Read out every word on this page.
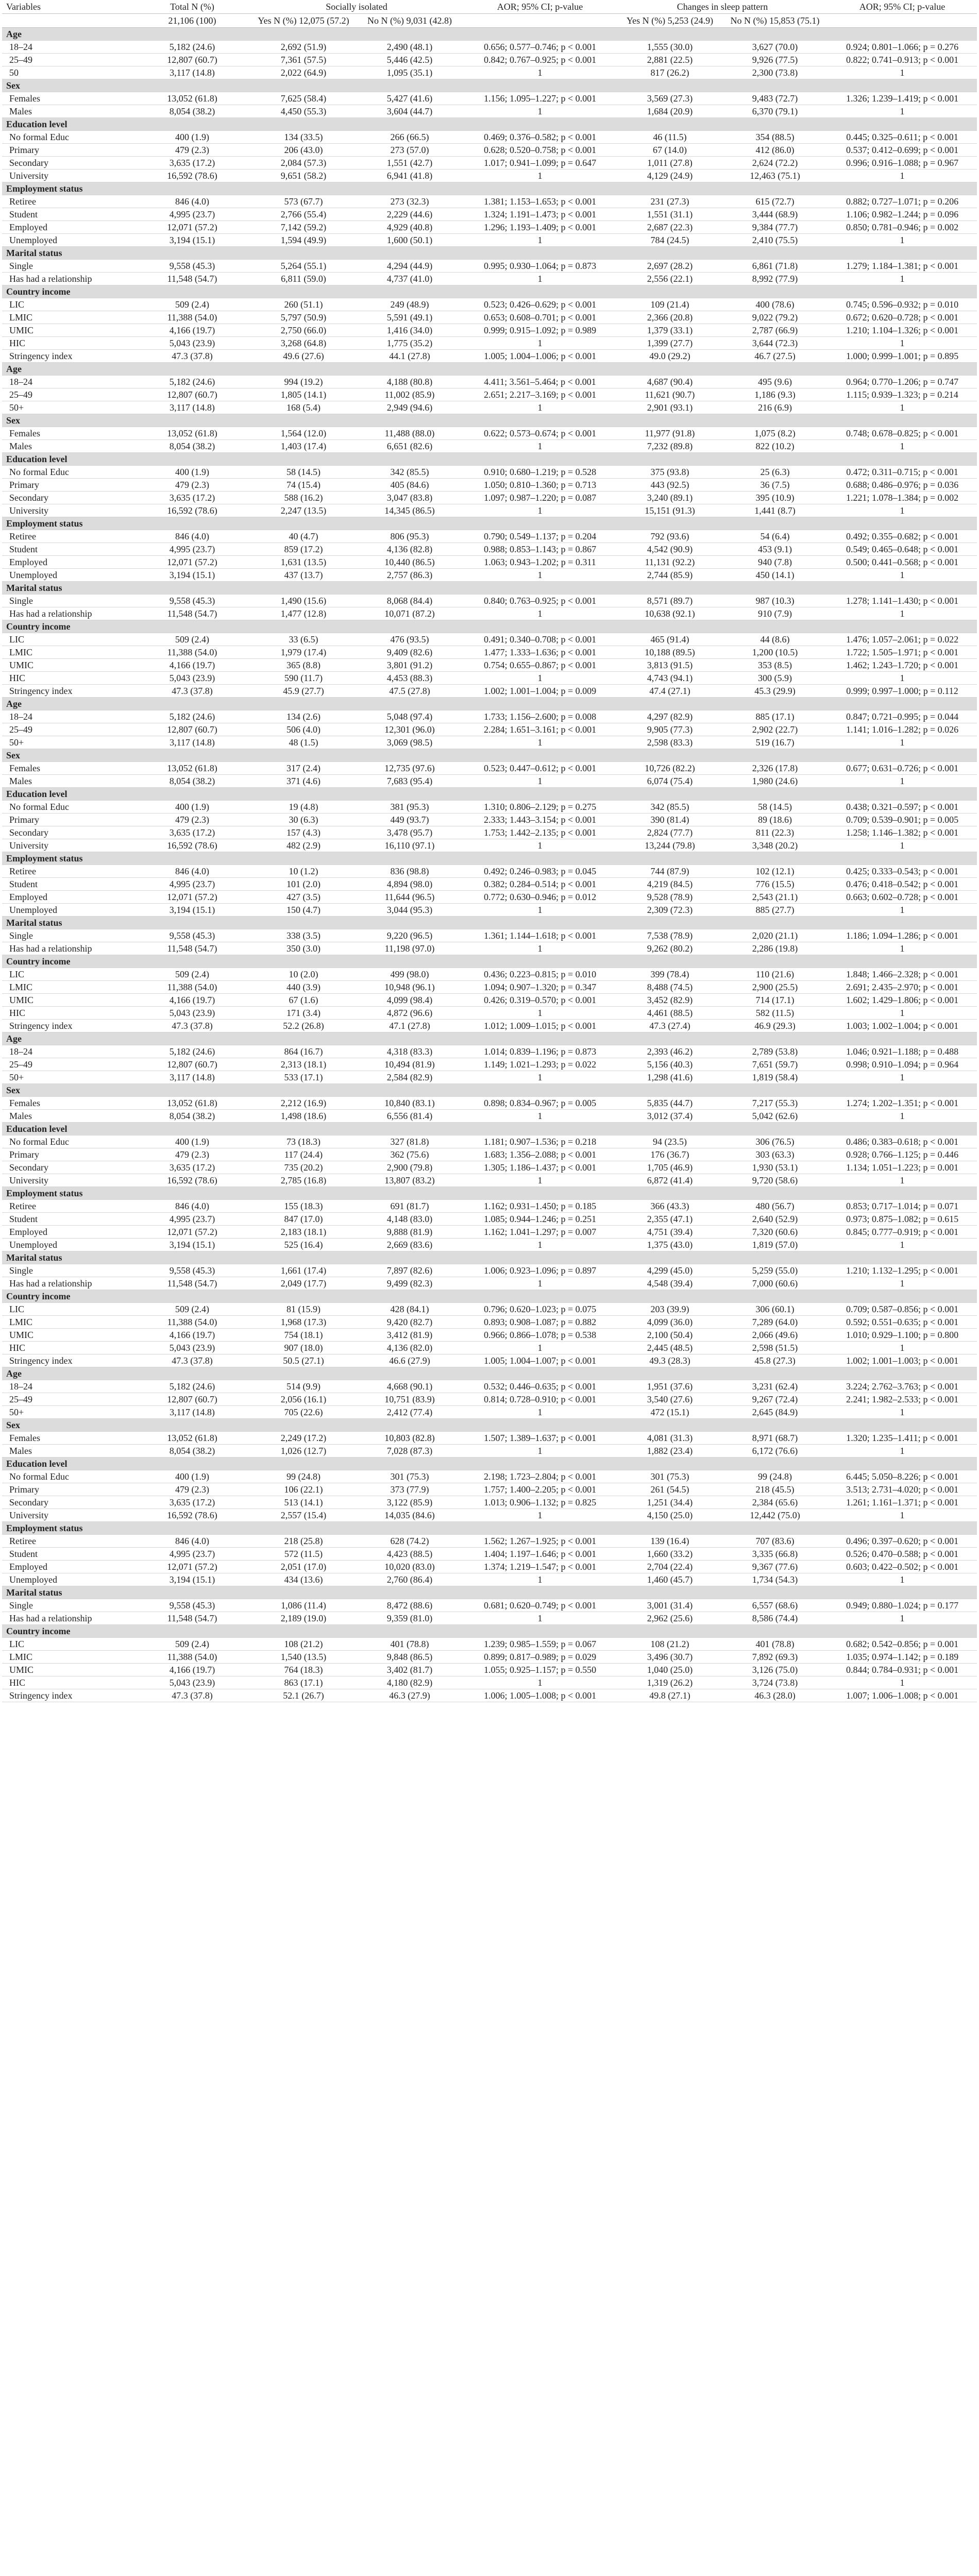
Variables	Total N (%)	Socially isolated		AOR; 95% CI; p-value	Changes in sleep pattern		AOR; 95% CI; p-value
	21,106 (100)	Yes N (%) 12,075 (57.2)	No N (%) 9,031 (42.8)		Yes N (%) 5,253 (24.9)	No N (%) 15,853 (75.1)	
Age							
18–24	5,182 (24.6)	2,692 (51.9)	2,490 (48.1)	0.656; 0.577–0.746; p < 0.001	1,555 (30.0)	3,627 (70.0)	0.924; 0.801–1.066; p = 0.276
25–49	12,807 (60.7)	7,361 (57.5)	5,446 (42.5)	0.842; 0.767–0.925; p < 0.001	2,881 (22.5)	9,926 (77.5)	0.822; 0.741–0.913; p < 0.001
50	3,117 (14.8)	2,022 (64.9)	1,095 (35.1)	1	817 (26.2)	2,300 (73.8)	1
Sex							
Females	13,052 (61.8)	7,625 (58.4)	5,427 (41.6)	1.156; 1.095–1.227; p < 0.001	3,569 (27.3)	9,483 (72.7)	1.326; 1.239–1.419; p < 0.001
Males	8,054 (38.2)	4,450 (55.3)	3,604 (44.7)	1	1,684 (20.9)	6,370 (79.1)	1
Education level							
No formal Educ	400 (1.9)	134 (33.5)	266 (66.5)	0.469; 0.376–0.582; p < 0.001	46 (11.5)	354 (88.5)	0.445; 0.325–0.611; p < 0.001
Primary	479 (2.3)	206 (43.0)	273 (57.0)	0.628; 0.520–0.758; p < 0.001	67 (14.0)	412 (86.0)	0.537; 0.412–0.699; p < 0.001
Secondary	3,635 (17.2)	2,084 (57.3)	1,551 (42.7)	1.017; 0.941–1.099; p = 0.647	1,011 (27.8)	2,624 (72.2)	0.996; 0.916–1.088; p = 0.967
University	16,592 (78.6)	9,651 (58.2)	6,941 (41.8)	1	4,129 (24.9)	12,463 (75.1)	1
Employment status							
Retiree	846 (4.0)	573 (67.7)	273 (32.3)	1.381; 1.153–1.653; p < 0.001	231 (27.3)	615 (72.7)	0.882; 0.727–1.071; p = 0.206
Student	4,995 (23.7)	2,766 (55.4)	2,229 (44.6)	1.324; 1.191–1.473; p < 0.001	1,551 (31.1)	3,444 (68.9)	1.106; 0.982–1.244; p = 0.096
Employed	12,071 (57.2)	7,142 (59.2)	4,929 (40.8)	1.296; 1.193–1.409; p < 0.001	2,687 (22.3)	9,384 (77.7)	0.850; 0.781–0.946; p = 0.002
Unemployed	3,194 (15.1)	1,594 (49.9)	1,600 (50.1)	1	784 (24.5)	2,410 (75.5)	1
Marital status							
Single	9,558 (45.3)	5,264 (55.1)	4,294 (44.9)	0.995; 0.930–1.064; p = 0.873	2,697 (28.2)	6,861 (71.8)	1.279; 1.184–1.381; p < 0.001
Has had a relationship	11,548 (54.7)	6,811 (59.0)	4,737 (41.0)	1	2,556 (22.1)	8,992 (77.9)	1
Country income							
LIC	509 (2.4)	260 (51.1)	249 (48.9)	0.523; 0.426–0.629; p < 0.001	109 (21.4)	400 (78.6)	0.745; 0.596–0.932; p = 0.010
LMIC	11,388 (54.0)	5,797 (50.9)	5,591 (49.1)	0.653; 0.608–0.701; p < 0.001	2,366 (20.8)	9,022 (79.2)	0.672; 0.620–0.728; p < 0.001
UMIC	4,166 (19.7)	2,750 (66.0)	1,416 (34.0)	0.999; 0.915–1.092; p = 0.989	1,379 (33.1)	2,787 (66.9)	1.210; 1.104–1.326; p < 0.001
HIC	5,043 (23.9)	3,268 (64.8)	1,775 (35.2)	1	1,399 (27.7)	3,644 (72.3)	1
Stringency index	47.3 (37.8)	49.6 (27.6)	44.1 (27.8)	1.005; 1.004–1.006; p < 0.001	49.0 (29.2)	46.7 (27.5)	1.000; 0.999–1.001; p = 0.895
Age							
18–24	5,182 (24.6)	994 (19.2)	4,188 (80.8)	4.411; 3.561–5.464; p < 0.001	4,687 (90.4)	495 (9.6)	0.964; 0.770–1.206; p = 0.747
25–49	12,807 (60.7)	1,805 (14.1)	11,002 (85.9)	2.651; 2.217–3.169; p < 0.001	11,621 (90.7)	1,186 (9.3)	1.115; 0.939–1.323; p = 0.214
50+	3,117 (14.8)	168 (5.4)	2,949 (94.6)	1	2,901 (93.1)	216 (6.9)	1
Sex							
Females	13,052 (61.8)	1,564 (12.0)	11,488 (88.0)	0.622; 0.573–0.674; p < 0.001	11,977 (91.8)	1,075 (8.2)	0.748; 0.678–0.825; p < 0.001
Males	8,054 (38.2)	1,403 (17.4)	6,651 (82.6)	1	7,232 (89.8)	822 (10.2)	1
Education level							
No formal Educ	400 (1.9)	58 (14.5)	342 (85.5)	0.910; 0.680–1.219; p = 0.528	375 (93.8)	25 (6.3)	0.472; 0.311–0.715; p < 0.001
Primary	479 (2.3)	74 (15.4)	405 (84.6)	1.050; 0.810–1.360; p = 0.713	443 (92.5)	36 (7.5)	0.688; 0.486–0.976; p = 0.036
Secondary	3,635 (17.2)	588 (16.2)	3,047 (83.8)	1.097; 0.987–1.220; p = 0.087	3,240 (89.1)	395 (10.9)	1.221; 1.078–1.384; p = 0.002
University	16,592 (78.6)	2,247 (13.5)	14,345 (86.5)	1	15,151 (91.3)	1,441 (8.7)	1
Employment status							
Retiree	846 (4.0)	40 (4.7)	806 (95.3)	0.790; 0.549–1.137; p = 0.204	792 (93.6)	54 (6.4)	0.492; 0.355–0.682; p < 0.001
Student	4,995 (23.7)	859 (17.2)	4,136 (82.8)	0.988; 0.853–1.143; p = 0.867	4,542 (90.9)	453 (9.1)	0.549; 0.465–0.648; p < 0.001
Employed	12,071 (57.2)	1,631 (13.5)	10,440 (86.5)	1.063; 0.943–1.202; p = 0.311	11,131 (92.2)	940 (7.8)	0.500; 0.441–0.568; p < 0.001
Unemployed	3,194 (15.1)	437 (13.7)	2,757 (86.3)	1	2,744 (85.9)	450 (14.1)	1
Marital status							
Single	9,558 (45.3)	1,490 (15.6)	8,068 (84.4)	0.840; 0.763–0.925; p < 0.001	8,571 (89.7)	987 (10.3)	1.278; 1.141–1.430; p < 0.001
Has had a relationship	11,548 (54.7)	1,477 (12.8)	10,071 (87.2)	1	10,638 (92.1)	910 (7.9)	1
Country income							
LIC	509 (2.4)	33 (6.5)	476 (93.5)	0.491; 0.340–0.708; p < 0.001	465 (91.4)	44 (8.6)	1.476; 1.057–2.061; p = 0.022
LMIC	11,388 (54.0)	1,979 (17.4)	9,409 (82.6)	1.477; 1.333–1.636; p < 0.001	10,188 (89.5)	1,200 (10.5)	1.722; 1.505–1.971; p < 0.001
UMIC	4,166 (19.7)	365 (8.8)	3,801 (91.2)	0.754; 0.655–0.867; p < 0.001	3,813 (91.5)	353 (8.5)	1.462; 1.243–1.720; p < 0.001
HIC	5,043 (23.9)	590 (11.7)	4,453 (88.3)	1	4,743 (94.1)	300 (5.9)	1
Stringency index	47.3 (37.8)	45.9 (27.7)	47.5 (27.8)	1.002; 1.001–1.004; p = 0.009	47.4 (27.1)	45.3 (29.9)	0.999; 0.997–1.000; p = 0.112
Age							
18–24	5,182 (24.6)	134 (2.6)	5,048 (97.4)	1.733; 1.156–2.600; p = 0.008	4,297 (82.9)	885 (17.1)	0.847; 0.721–0.995; p = 0.044
25–49	12,807 (60.7)	506 (4.0)	12,301 (96.0)	2.284; 1.651–3.161; p < 0.001	9,905 (77.3)	2,902 (22.7)	1.141; 1.016–1.282; p = 0.026
50+	3,117 (14.8)	48 (1.5)	3,069 (98.5)	1	2,598 (83.3)	519 (16.7)	1
Sex							
Females	13,052 (61.8)	317 (2.4)	12,735 (97.6)	0.523; 0.447–0.612; p < 0.001	10,726 (82.2)	2,326 (17.8)	0.677; 0.631–0.726; p < 0.001
Males	8,054 (38.2)	371 (4.6)	7,683 (95.4)	1	6,074 (75.4)	1,980 (24.6)	1
Education level							
No formal Educ	400 (1.9)	19 (4.8)	381 (95.3)	1.310; 0.806–2.129; p = 0.275	342 (85.5)	58 (14.5)	0.438; 0.321–0.597; p < 0.001
Primary	479 (2.3)	30 (6.3)	449 (93.7)	2.333; 1.443–3.154; p < 0.001	390 (81.4)	89 (18.6)	0.709; 0.539–0.901; p = 0.005
Secondary	3,635 (17.2)	157 (4.3)	3,478 (95.7)	1.753; 1.442–2.135; p < 0.001	2,824 (77.7)	811 (22.3)	1.258; 1.146–1.382; p < 0.001
University	16,592 (78.6)	482 (2.9)	16,110 (97.1)	1	13,244 (79.8)	3,348 (20.2)	1
Employment status							
Retiree	846 (4.0)	10 (1.2)	836 (98.8)	0.492; 0.246–0.983; p = 0.045	744 (87.9)	102 (12.1)	0.425; 0.333–0.543; p < 0.001
Student	4,995 (23.7)	101 (2.0)	4,894 (98.0)	0.382; 0.284–0.514; p < 0.001	4,219 (84.5)	776 (15.5)	0.476; 0.418–0.542; p < 0.001
Employed	12,071 (57.2)	427 (3.5)	11,644 (96.5)	0.772; 0.630–0.946; p = 0.012	9,528 (78.9)	2,543 (21.1)	0.663; 0.602–0.728; p < 0.001
Unemployed	3,194 (15.1)	150 (4.7)	3,044 (95.3)	1	2,309 (72.3)	885 (27.7)	1
Marital status							
Single	9,558 (45.3)	338 (3.5)	9,220 (96.5)	1.361; 1.144–1.618; p < 0.001	7,538 (78.9)	2,020 (21.1)	1.186; 1.094–1.286; p < 0.001
Has had a relationship	11,548 (54.7)	350 (3.0)	11,198 (97.0)	1	9,262 (80.2)	2,286 (19.8)	1
Country income							
LIC	509 (2.4)	10 (2.0)	499 (98.0)	0.436; 0.223–0.815; p = 0.010	399 (78.4)	110 (21.6)	1.848; 1.466–2.328; p < 0.001
LMIC	11,388 (54.0)	440 (3.9)	10,948 (96.1)	1.094; 0.907–1.320; p = 0.347	8,488 (74.5)	2,900 (25.5)	2.691; 2.435–2.970; p < 0.001
UMIC	4,166 (19.7)	67 (1.6)	4,099 (98.4)	0.426; 0.319–0.570; p < 0.001	3,452 (82.9)	714 (17.1)	1.602; 1.429–1.806; p < 0.001
HIC	5,043 (23.9)	171 (3.4)	4,872 (96.6)	1	4,461 (88.5)	582 (11.5)	1
Stringency index	47.3 (37.8)	52.2 (26.8)	47.1 (27.8)	1.012; 1.009–1.015; p < 0.001	47.3 (27.4)	46.9 (29.3)	1.003; 1.002–1.004; p < 0.001
Age							
18–24	5,182 (24.6)	864 (16.7)	4,318 (83.3)	1.014; 0.839–1.196; p = 0.873	2,393 (46.2)	2,789 (53.8)	1.046; 0.921–1.188; p = 0.488
25–49	12,807 (60.7)	2,313 (18.1)	10,494 (81.9)	1.149; 1.021–1.293; p = 0.022	5,156 (40.3)	7,651 (59.7)	0.998; 0.910–1.094; p = 0.964
50+	3,117 (14.8)	533 (17.1)	2,584 (82.9)	1	1,298 (41.6)	1,819 (58.4)	1
Sex							
Females	13,052 (61.8)	2,212 (16.9)	10,840 (83.1)	0.898; 0.834–0.967; p = 0.005	5,835 (44.7)	7,217 (55.3)	1.274; 1.202–1.351; p < 0.001
Males	8,054 (38.2)	1,498 (18.6)	6,556 (81.4)	1	3,012 (37.4)	5,042 (62.6)	1
Education level							
No formal Educ	400 (1.9)	73 (18.3)	327 (81.8)	1.181; 0.907–1.536; p = 0.218	94 (23.5)	306 (76.5)	0.486; 0.383–0.618; p < 0.001
Primary	479 (2.3)	117 (24.4)	362 (75.6)	1.683; 1.356–2.088; p < 0.001	176 (36.7)	303 (63.3)	0.928; 0.766–1.125; p = 0.446
Secondary	3,635 (17.2)	735 (20.2)	2,900 (79.8)	1.305; 1.186–1.437; p < 0.001	1,705 (46.9)	1,930 (53.1)	1.134; 1.051–1.223; p = 0.001
University	16,592 (78.6)	2,785 (16.8)	13,807 (83.2)	1	6,872 (41.4)	9,720 (58.6)	1
Employment status							
Retiree	846 (4.0)	155 (18.3)	691 (81.7)	1.162; 0.931–1.450; p = 0.185	366 (43.3)	480 (56.7)	0.853; 0.717–1.014; p = 0.071
Student	4,995 (23.7)	847 (17.0)	4,148 (83.0)	1.085; 0.944–1.246; p = 0.251	2,355 (47.1)	2,640 (52.9)	0.973; 0.875–1.082; p = 0.615
Employed	12,071 (57.2)	2,183 (18.1)	9,888 (81.9)	1.162; 1.041–1.297; p = 0.007	4,751 (39.4)	7,320 (60.6)	0.845; 0.777–0.919; p < 0.001
Unemployed	3,194 (15.1)	525 (16.4)	2,669 (83.6)	1	1,375 (43.0)	1,819 (57.0)	1
Marital status							
Single	9,558 (45.3)	1,661 (17.4)	7,897 (82.6)	1.006; 0.923–1.096; p = 0.897	4,299 (45.0)	5,259 (55.0)	1.210; 1.132–1.295; p < 0.001
Has had a relationship	11,548 (54.7)	2,049 (17.7)	9,499 (82.3)	1	4,548 (39.4)	7,000 (60.6)	1
Country income							
LIC	509 (2.4)	81 (15.9)	428 (84.1)	0.796; 0.620–1.023; p = 0.075	203 (39.9)	306 (60.1)	0.709; 0.587–0.856; p < 0.001
LMIC	11,388 (54.0)	1,968 (17.3)	9,420 (82.7)	0.893; 0.908–1.087; p = 0.882	4,099 (36.0)	7,289 (64.0)	0.592; 0.551–0.635; p < 0.001
UMIC	4,166 (19.7)	754 (18.1)	3,412 (81.9)	0.966; 0.866–1.078; p = 0.538	2,100 (50.4)	2,066 (49.6)	1.010; 0.929–1.100; p = 0.800
HIC	5,043 (23.9)	907 (18.0)	4,136 (82.0)	1	2,445 (48.5)	2,598 (51.5)	1
Stringency index	47.3 (37.8)	50.5 (27.1)	46.6 (27.9)	1.005; 1.004–1.007; p < 0.001	49.3 (28.3)	45.8 (27.3)	1.002; 1.001–1.003; p < 0.001
Age							
18–24	5,182 (24.6)	514 (9.9)	4,668 (90.1)	0.532; 0.446–0.635; p < 0.001	1,951 (37.6)	3,231 (62.4)	3.224; 2.762–3.763; p < 0.001
25–49	12,807 (60.7)	2,056 (16.1)	10,751 (83.9)	0.814; 0.728–0.910; p < 0.001	3,540 (27.6)	9,267 (72.4)	2.241; 1.982–2.533; p < 0.001
50+	3,117 (14.8)	705 (22.6)	2,412 (77.4)	1	472 (15.1)	2,645 (84.9)	1
Sex							
Females	13,052 (61.8)	2,249 (17.2)	10,803 (82.8)	1.507; 1.389–1.637; p < 0.001	4,081 (31.3)	8,971 (68.7)	1.320; 1.235–1.411; p < 0.001
Males	8,054 (38.2)	1,026 (12.7)	7,028 (87.3)	1	1,882 (23.4)	6,172 (76.6)	1
Education level							
No formal Educ	400 (1.9)	99 (24.8)	301 (75.3)	2.198; 1.723–2.804; p < 0.001	301 (75.3)	99 (24.8)	6.445; 5.050–8.226; p < 0.001
Primary	479 (2.3)	106 (22.1)	373 (77.9)	1.757; 1.400–2.205; p < 0.001	261 (54.5)	218 (45.5)	3.513; 2.731–4.020; p < 0.001
Secondary	3,635 (17.2)	513 (14.1)	3,122 (85.9)	1.013; 0.906–1.132; p = 0.825	1,251 (34.4)	2,384 (65.6)	1.261; 1.161–1.371; p < 0.001
University	16,592 (78.6)	2,557 (15.4)	14,035 (84.6)	1	4,150 (25.0)	12,442 (75.0)	1
Employment status							
Retiree	846 (4.0)	218 (25.8)	628 (74.2)	1.562; 1.267–1.925; p < 0.001	139 (16.4)	707 (83.6)	0.496; 0.397–0.620; p < 0.001
Student	4,995 (23.7)	572 (11.5)	4,423 (88.5)	1.404; 1.197–1.646; p < 0.001	1,660 (33.2)	3,335 (66.8)	0.526; 0.470–0.588; p < 0.001
Employed	12,071 (57.2)	2,051 (17.0)	10,020 (83.0)	1.374; 1.219–1.547; p < 0.001	2,704 (22.4)	9,367 (77.6)	0.603; 0.422–0.502; p < 0.001
Unemployed	3,194 (15.1)	434 (13.6)	2,760 (86.4)	1	1,460 (45.7)	1,734 (54.3)	1
Marital status							
Single	9,558 (45.3)	1,086 (11.4)	8,472 (88.6)	0.681; 0.620–0.749; p < 0.001	3,001 (31.4)	6,557 (68.6)	0.949; 0.880–1.024; p = 0.177
Has had a relationship	11,548 (54.7)	2,189 (19.0)	9,359 (81.0)	1	2,962 (25.6)	8,586 (74.4)	1
Country income							
LIC	509 (2.4)	108 (21.2)	401 (78.8)	1.239; 0.985–1.559; p = 0.067	108 (21.2)	401 (78.8)	0.682; 0.542–0.856; p = 0.001
LMIC	11,388 (54.0)	1,540 (13.5)	9,848 (86.5)	0.899; 0.817–0.989; p = 0.029	3,496 (30.7)	7,892 (69.3)	1.035; 0.974–1.142; p = 0.189
UMIC	4,166 (19.7)	764 (18.3)	3,402 (81.7)	1.055; 0.925–1.157; p = 0.550	1,040 (25.0)	3,126 (75.0)	0.844; 0.784–0.931; p < 0.001
HIC	5,043 (23.9)	863 (17.1)	4,180 (82.9)	1	1,319 (26.2)	3,724 (73.8)	1
Stringency index	47.3 (37.8)	52.1 (26.7)	46.3 (27.9)	1.006; 1.005–1.008; p < 0.001	49.8 (27.1)	46.3 (28.0)	1.007; 1.006–1.008; p < 0.001
